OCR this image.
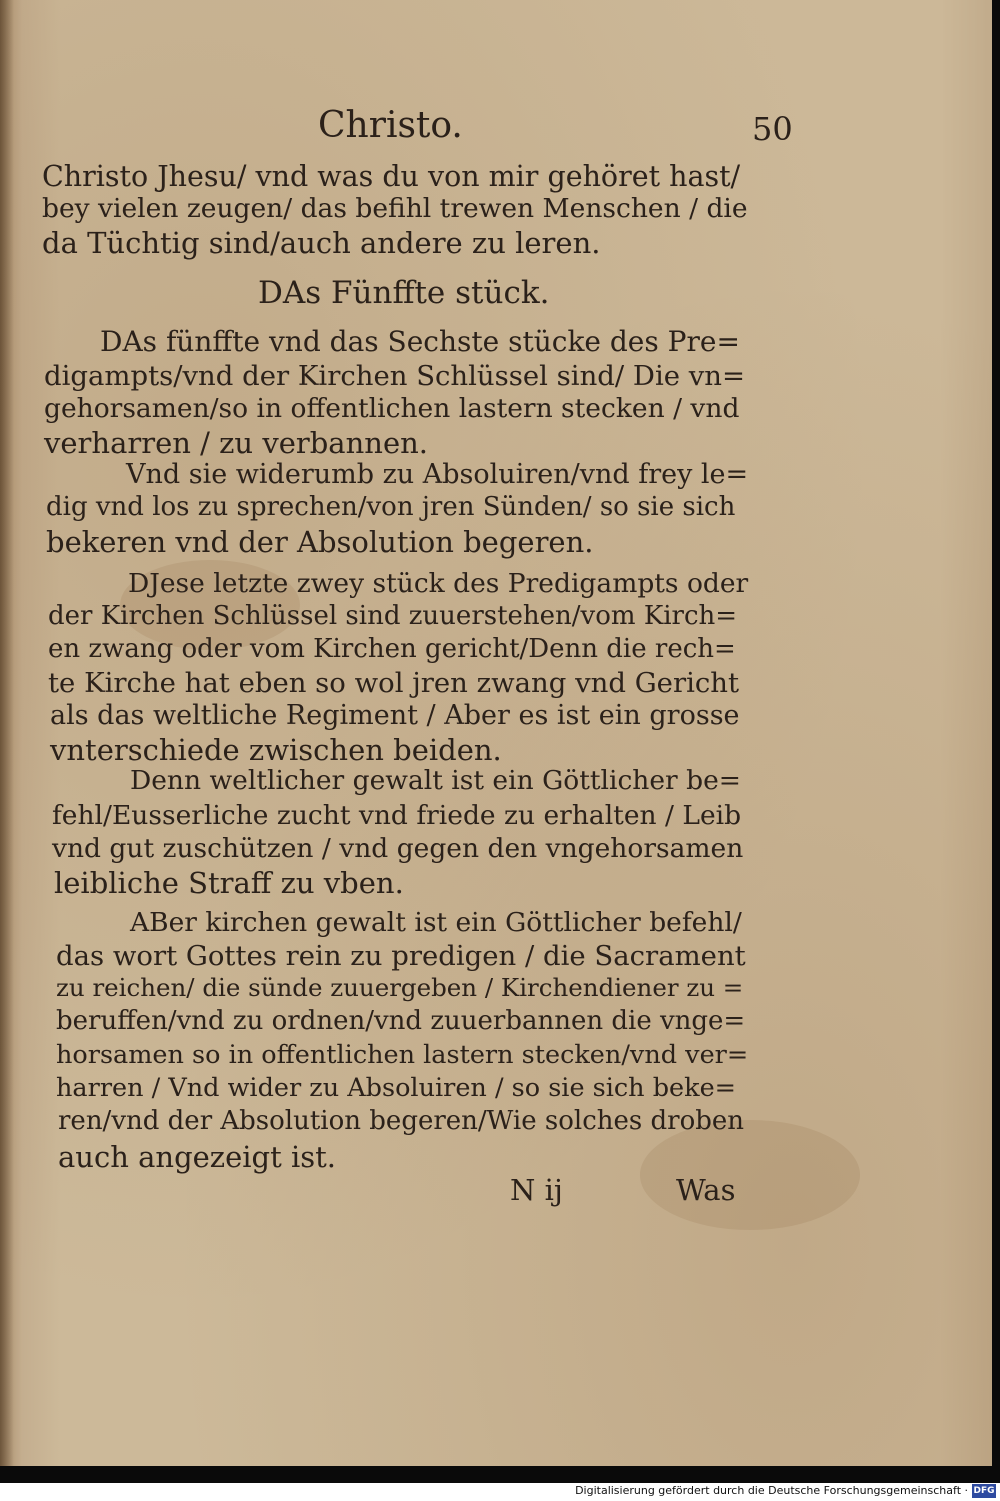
Christo.	50
Christo Jhesu/ vnd was du von mir gehöret hast/
bey vielen zeugen/ das befihl trewen Menschen / die
da Tüchtig sind/auch andere zu leren.
DAs Fünffte stück.
DAs fünffte vnd das Sechste stücke des Pre=
digampts/vnd der Kirchen Schlüssel sind/ Die vn=
gehorsamen/so in offentlichen lastern stecken / vnd
verharren / zu verbannen.
Vnd sie widerumb zu Absoluiren/vnd frey le=
dig vnd los zu sprechen/von jren Sünden/ so sie sich
bekeren vnd der Absolution begeren.
DJese letzte zwey stück des Predigampts oder
der Kirchen Schlüssel sind zuuerstehen/vom Kirch=
en zwang oder vom Kirchen gericht/Denn die rech=
te Kirche hat eben so wol jren zwang vnd Gericht
als das weltliche Regiment / Aber es ist ein grosse
vnterschiede zwischen beiden.
Denn weltlicher gewalt ist ein Göttlicher be=
fehl/Eusserliche zucht vnd friede zu erhalten / Leib
vnd gut zuschützen / vnd gegen den vngehorsamen
leibliche Straff zu vben.
ABer kirchen gewalt ist ein Göttlicher befehl/
das wort Gottes rein zu predigen / die Sacrament
zu reichen/ die sünde zuuergeben / Kirchendiener zu =
beruffen/vnd zu ordnen/vnd zuuerbannen die vnge=
horsamen so in offentlichen lastern stecken/vnd ver=
harren / Vnd wider zu Absoluiren / so sie sich beke=
ren/vnd der Absolution begeren/Wie solches droben
auch angezeigt ist.
N ij	Was
Digitalisierung gefördert durch die Deutsche Forschungsgemeinschaft · DFG
